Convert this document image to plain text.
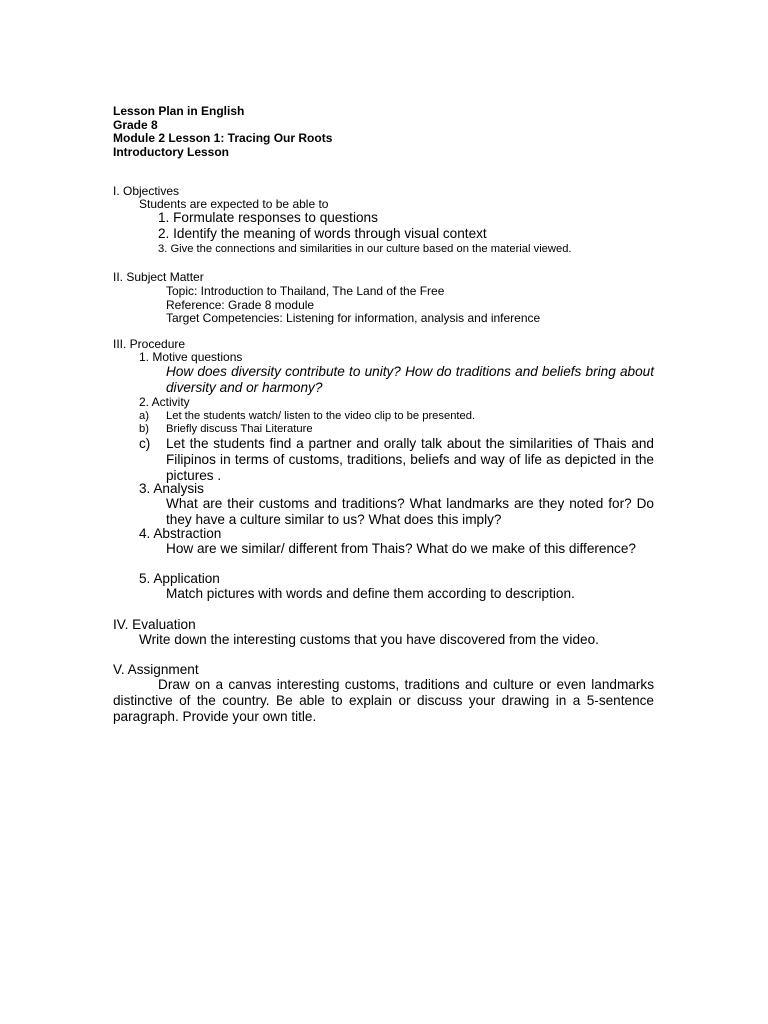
Lesson Plan in English
Grade 8
Module 2 Lesson 1: Tracing Our Roots
Introductory Lesson
I. Objectives
Students are expected to be able to
1. Formulate responses to questions
2. Identify the meaning of words through visual context
3. Give the connections and similarities in our culture based on the material viewed.
II. Subject Matter
Topic: Introduction to Thailand, The Land of the Free
Reference: Grade 8 module
Target Competencies: Listening for information, analysis and inference
III. Procedure
1. Motive questions
How does diversity contribute to unity? How do traditions and beliefs bring about diversity and or harmony?
2. Activity
a) Let the students watch/ listen to the video clip to be presented.
b) Briefly discuss Thai Literature
c) Let the students find a partner and orally talk about the similarities of Thais and Filipinos in terms of customs, traditions, beliefs and way of life as depicted in the pictures .
3. Analysis
What are their customs and traditions? What landmarks are they noted for? Do they have a culture similar to us? What does this imply?
4. Abstraction
How are we similar/ different from Thais? What do we make of this difference?
5. Application
Match pictures with words and define them according to description.
IV. Evaluation
Write down the interesting customs that you have discovered from the video.
V. Assignment
Draw on a canvas interesting customs, traditions and culture or even landmarks distinctive of the country. Be able to explain or discuss your drawing in a 5-sentence paragraph. Provide your own title.
